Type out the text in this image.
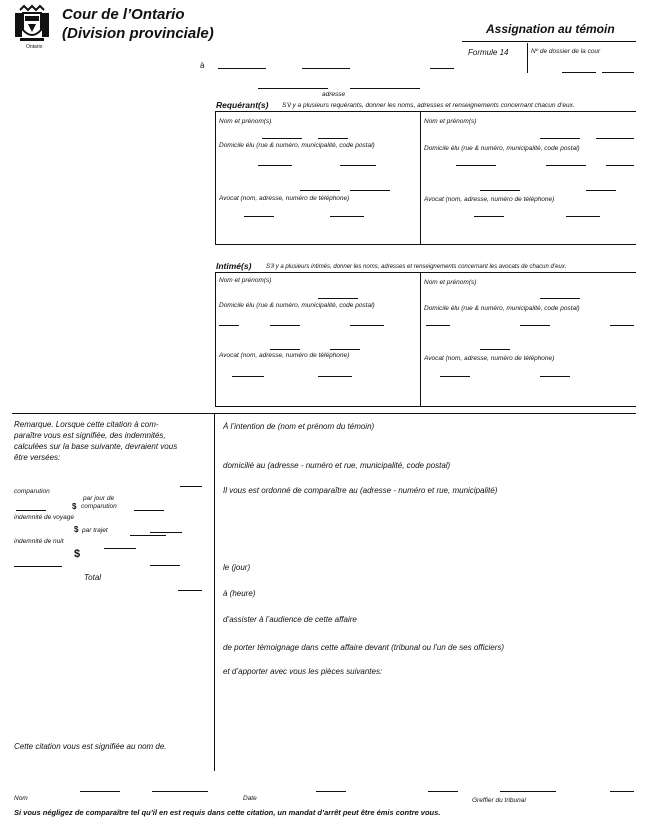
Ontario
Cour de l’Ontario
(Division provinciale)	Assignation au témoin
Formule 14	Nº de dossier de la cour
à
adresse
Requérant(s) S’il y a plusieurs requérants, donner les noms, adresses et renseignements concernant chacun d’eux.
Nom et prénom(s)	Nom et prénom(s)
Domicile élu (rue & numéro, municipalité, code postal)	Domicile élu (rue & numéro, municipalité, code postal)
Avocat (nom, adresse, numéro de téléphone)	Avocat (nom, adresse, numéro de téléphone)
Intimé(s) S’il y a plusieurs intimés, donner les noms, adresses et renseignements concernant les avocats de chacun d’eux.
Nom et prénom(s)	Nom et prénom(s)
Domicile élu (rue & numéro, municipalité, code postal)	Domicile élu (rue & numéro, municipalité, code postal)
Avocat (nom, adresse, numéro de téléphone)	Avocat (nom, adresse, numéro de téléphone)
Remarque. Lorsque cette citation à com-
paraître vous est signifiée, des indemnités,
calculées sur la base suivante, devraient vous
être versées:
comparution
par jour de
$ comparution
indemnité de voyage
$ par trajet
indemnité de nuit
$
Total
Cette citation vous est signifiée au nom de.
À l’intention de (nom et prénom du témoin)
domicilié au (adresse - numéro et rue, municipalité, code postal)
Il vous est ordonné de comparaître au (adresse - numéro et rue, municipalité)
le (jour)
à (heure)
d’assister à l’audience de cette affaire
de porter témoignage dans cette affaire devant (tribunal ou l’un de ses officiers)
et d’apporter avec vous les pièces suivantes:
Nom	Date	Greffier du tribunal
Si vous négligez de comparaître tel qu’il en est requis dans cette citation, un mandat d’arrêt peut être émis contre vous.
